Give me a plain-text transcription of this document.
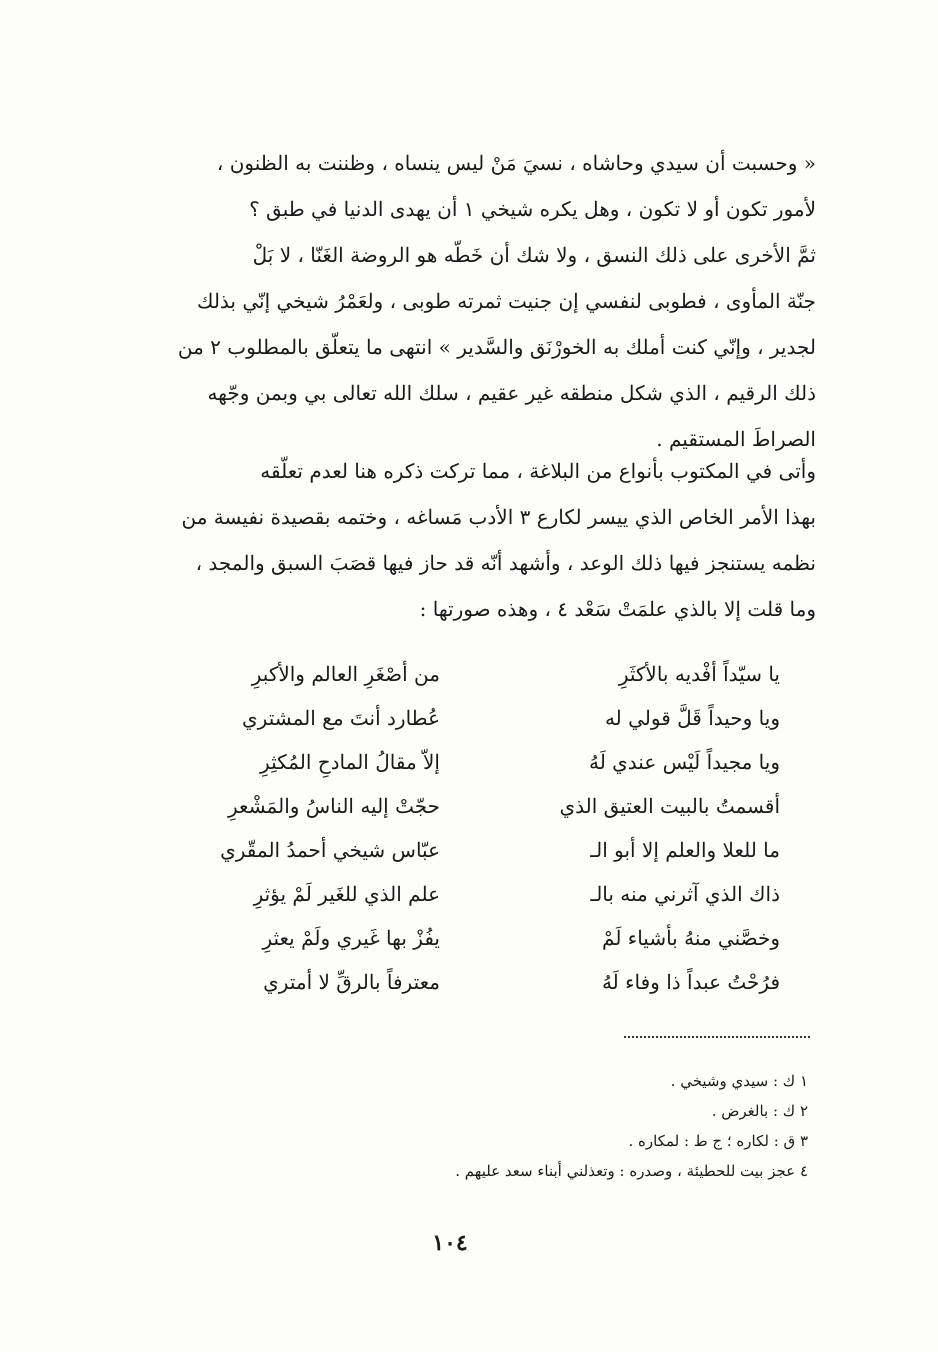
« وحسبت أن سيدي وحاشاه ، نسيَ مَنْ ليس ينساه ، وظننت به الظنون ،
لأمور تكون أو لا تكون ، وهل يكره شيخي ١ أن يهدى الدنيا في طبق ؟
ثمَّ الأخرى على ذلك النسق ، ولا شك أن خَطّه هو الروضة الغَنّا ، لا بَلْ
جنّة المأوى ، فطوبى لنفسي إن جنيت ثمرته طوبى ، ولعَمْرُ شيخي إنّي بذلك
لجدير ، وإنّي كنت أملك به الخورْنَق والسَّدير » انتهى ما يتعلّق بالمطلوب ٢ من
ذلك الرقيم ، الذي شكل منطقه غير عقيم ، سلك الله تعالى بي وبمن وجّهه
الصراطَ المستقيم .
وأتى في المكتوب بأنواع من البلاغة ، مما تركت ذكره هنا لعدم تعلّقه
بهذا الأمر الخاص الذي ييسر لكارع ٣ الأدب مَساغه ، وختمه بقصيدة نفيسة من
نظمه يستنجز فيها ذلك الوعد ، وأشهد أنّه قد حاز فيها قصَبَ السبق والمجد ،
وما قلت إلا بالذي علمَتْ سَعْد ٤ ، وهذه صورتها :
يا سيّداً أفْديه بالأكثَرِ
من أصْغَرِ العالم والأكبرِ
ويا وحيداً قَلَّ قولي له
عُطارد أنتَ مع المشتري
ويا مجيداً لَيْس عندي لَهُ
إلاّ مقالُ المادحِ المُكثِرِ
أقسمتُ بالبيت العتيق الذي
حجّتْ إليه الناسُ والمَشْعرِ
ما للعلا والعلم إلا أبو الـ
عبّاس شيخي أحمدُ المقّري
ذاك الذي آثرني منه بالـ
علم الذي للغَير لَمْ يؤثرِ
وخصَّني منهُ بأشياء لَمْ
يفُزْ بها غَيري ولَمْ يعثرِ
فرُحْتُ عبداً ذا وفاء لَهُ
معترفاً بالرقِّ لا أمتري
١ ك : سيدي وشيخي .
٢ ك : بالغرض .
٣ ق : لكاره ؛ ج ط : لمكاره .
٤ عجز بيت للحطيئة ، وصدره : وتعذلني أبناء سعد عليهم .
١٠٤
